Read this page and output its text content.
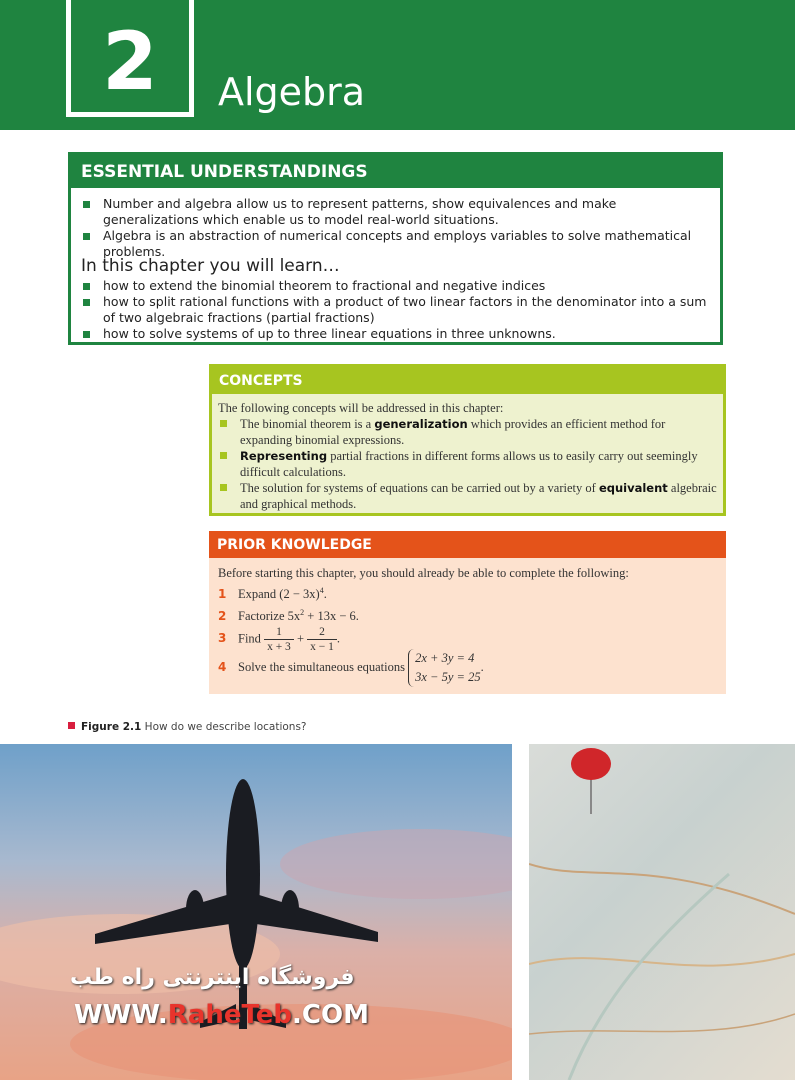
2	Algebra
ESSENTIAL UNDERSTANDINGS
Number and algebra allow us to represent patterns, show equivalences and make generalizations which enable us to model real-world situations.
Algebra is an abstraction of numerical concepts and employs variables to solve mathematical problems.
In this chapter you will learn…
how to extend the binomial theorem to fractional and negative indices
how to split rational functions with a product of two linear factors in the denominator into a sum of two algebraic fractions (partial fractions)
how to solve systems of up to three linear equations in three unknowns.
CONCEPTS
The following concepts will be addressed in this chapter:
The binomial theorem is a generalization which provides an efficient method for expanding binomial expressions.
Representing partial fractions in different forms allows us to easily carry out seemingly difficult calculations.
The solution for systems of equations can be carried out by a variety of equivalent algebraic and graphical methods.
PRIOR KNOWLEDGE
Before starting this chapter, you should already be able to complete the following:
1 Expand $(2 - 3x)^4$.
2 Factorize $5x^2 + 13x - 6$.
3 Find $\frac{1}{x + 3} + \frac{2}{x - 1}$ .
4 Solve the simultaneous equations 2x + 3y = 4
3x − 5y = 25.
Figure 2.1 How do we describe locations?
فروشگاه اینترنتی راه طب
WWW.RaheTeb.COM
